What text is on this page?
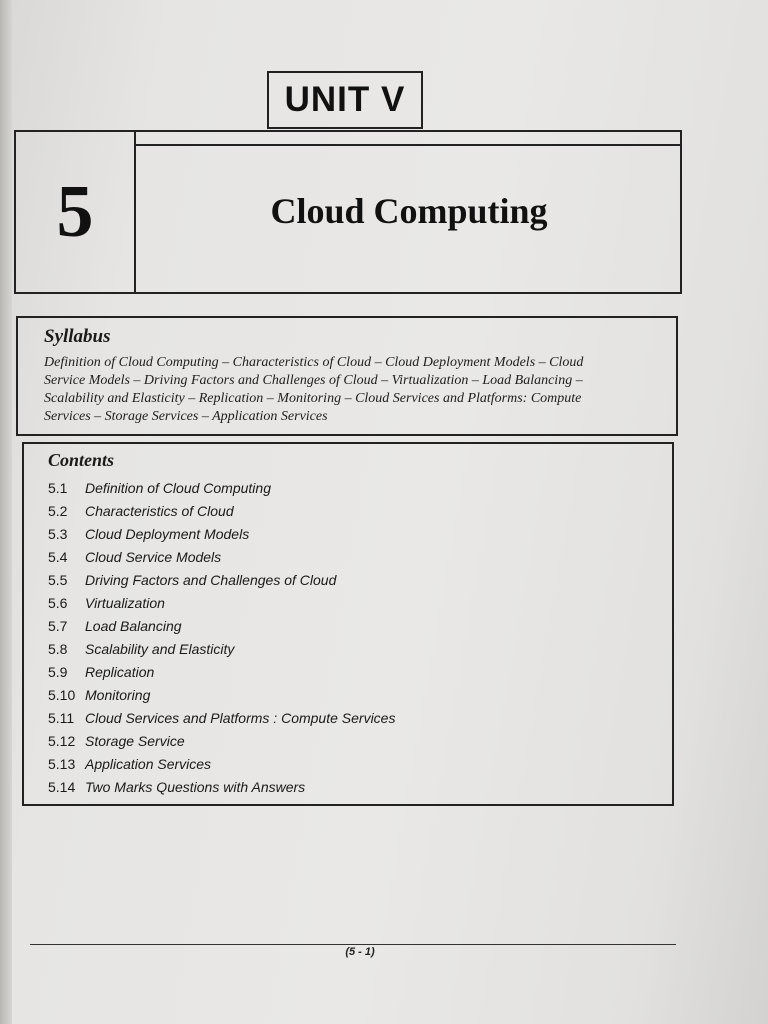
UNIT V
5	Cloud Computing
Syllabus
Definition of Cloud Computing – Characteristics of Cloud – Cloud Deployment Models – Cloud
Service Models – Driving Factors and Challenges of Cloud – Virtualization – Load Balancing –
Scalability and Elasticity – Replication – Monitoring – Cloud Services and Platforms: Compute
Services – Storage Services – Application Services
Contents
5.1 Definition of Cloud Computing
5.2 Characteristics of Cloud
5.3 Cloud Deployment Models
5.4 Cloud Service Models
5.5 Driving Factors and Challenges of Cloud
5.6 Virtualization
5.7 Load Balancing
5.8 Scalability and Elasticity
5.9 Replication
5.10 Monitoring
5.11 Cloud Services and Platforms : Compute Services
5.12 Storage Service
5.13 Application Services
5.14 Two Marks Questions with Answers
(5 - 1)
